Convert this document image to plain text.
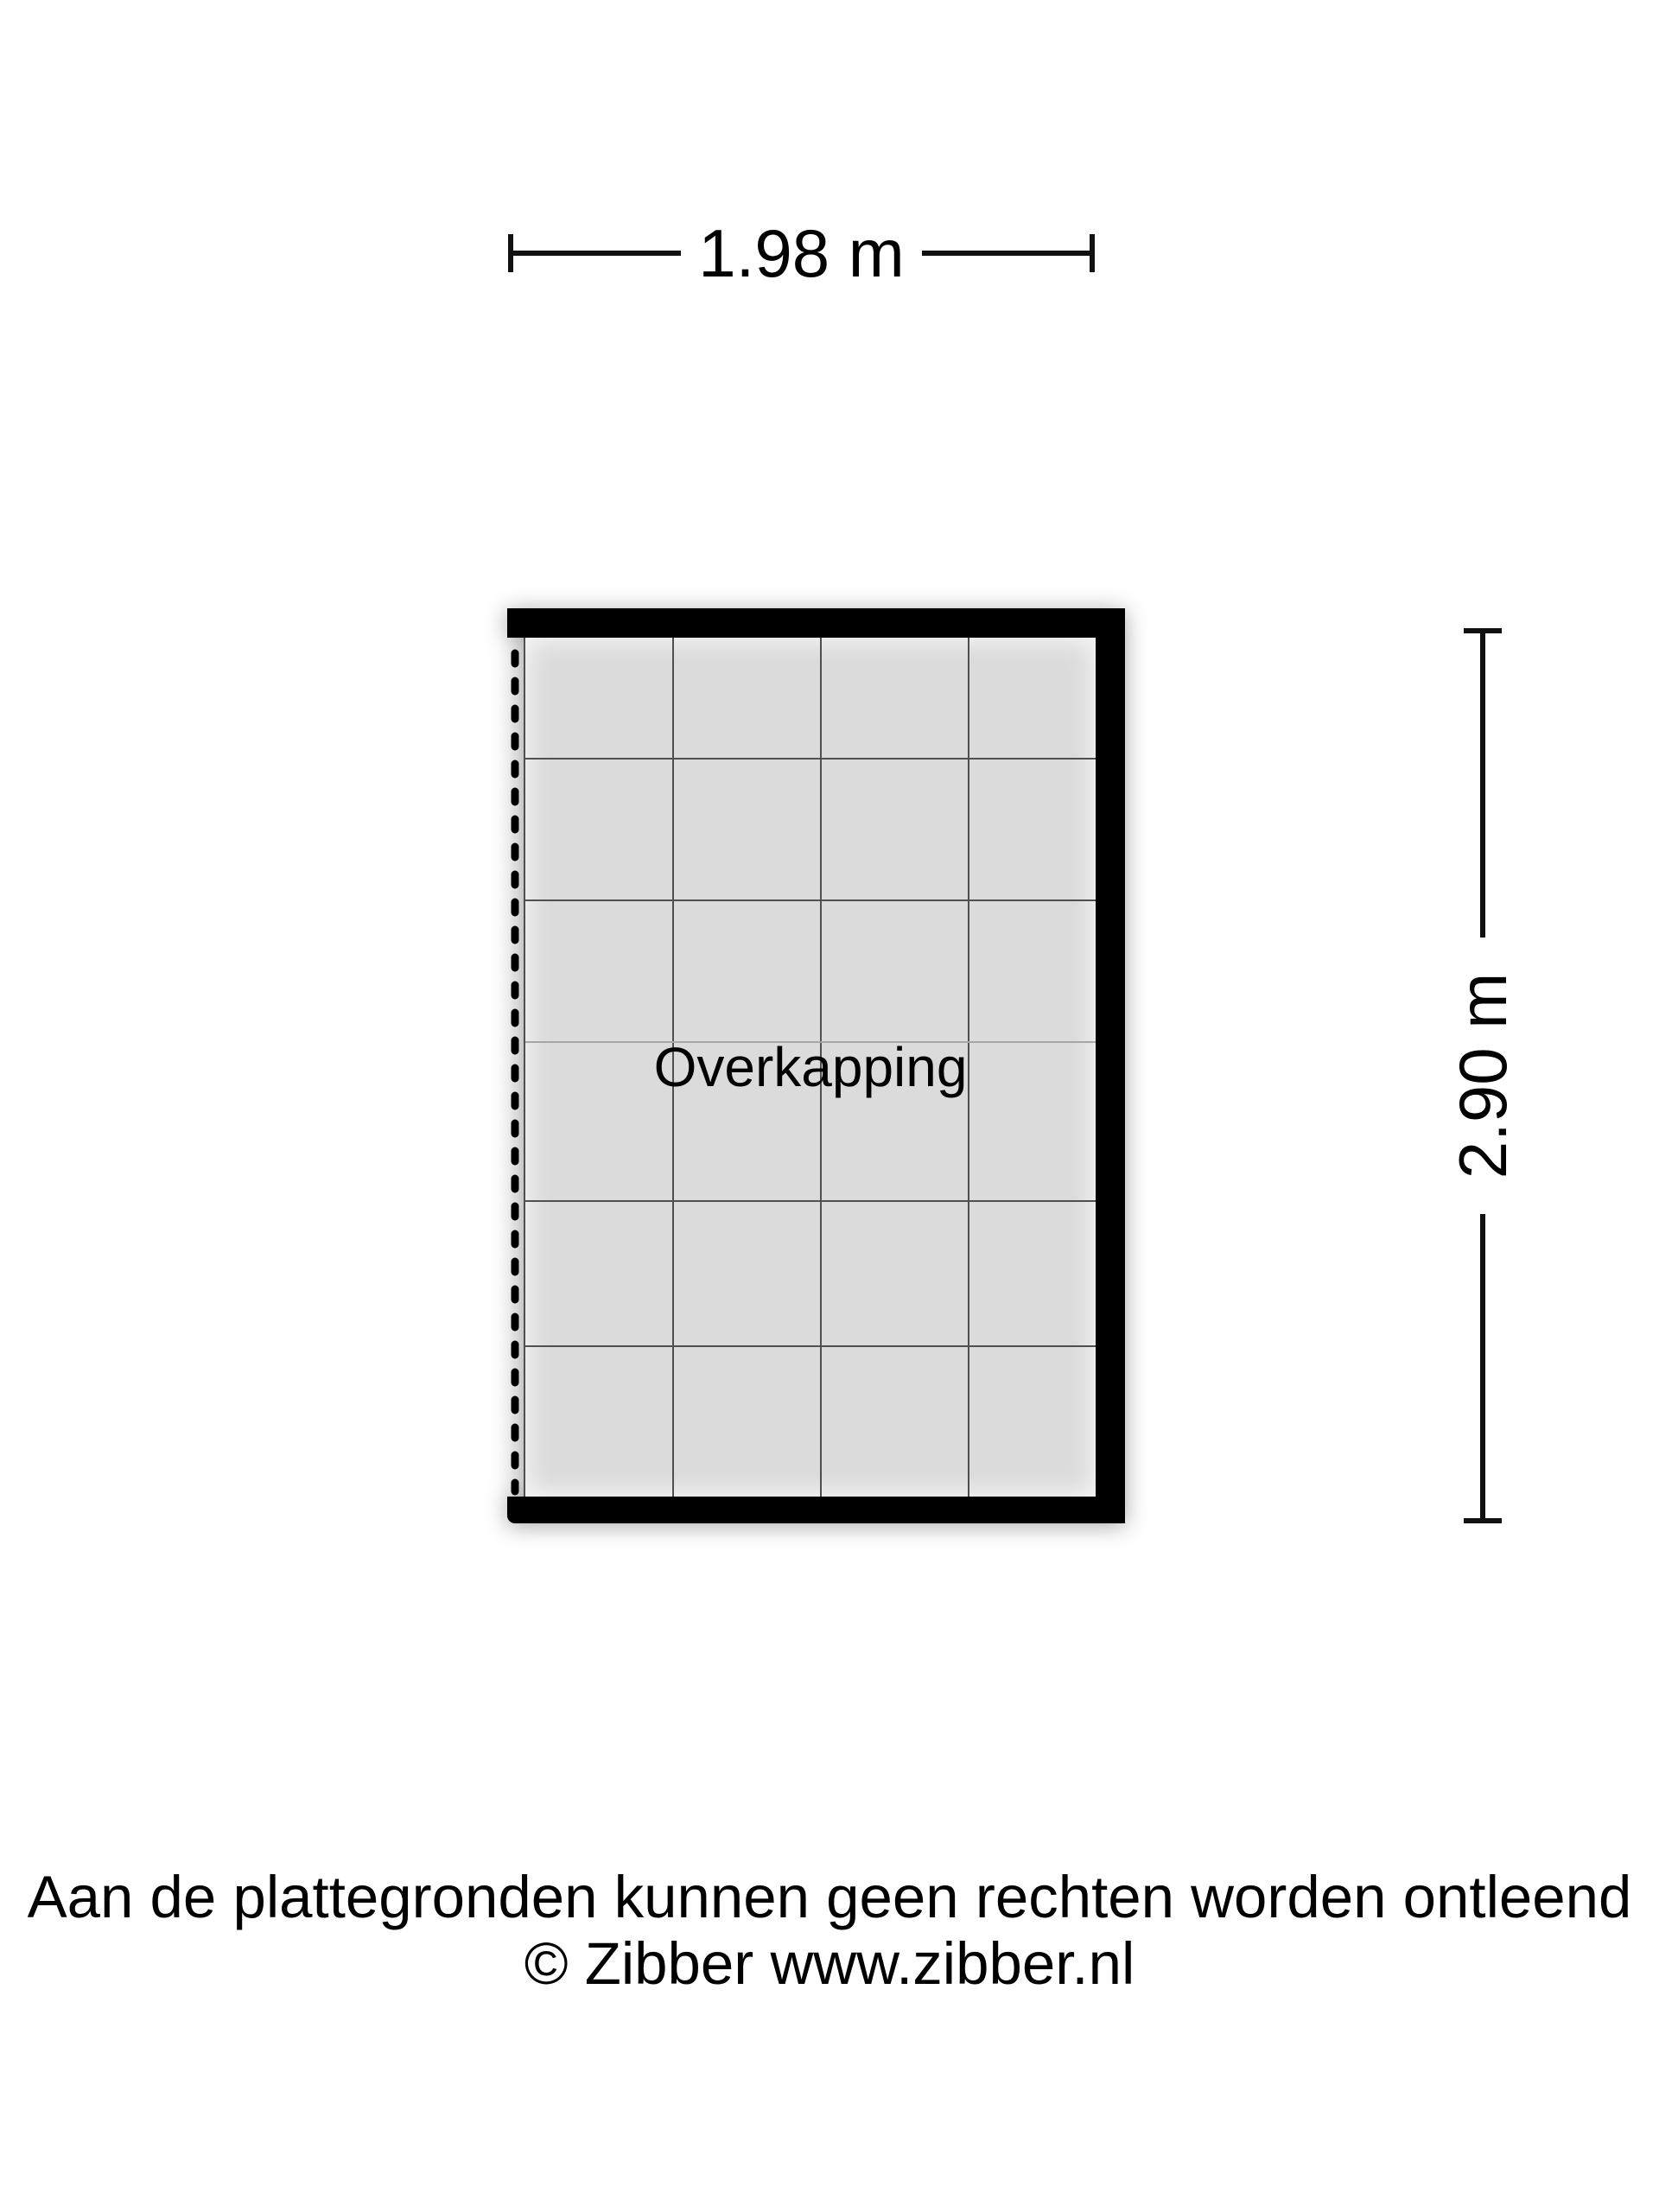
1.98 m
Overkapping	2.90 m
Aan de plattegronden kunnen geen rechten worden ontleend
© Zibber www.zibber.nl
